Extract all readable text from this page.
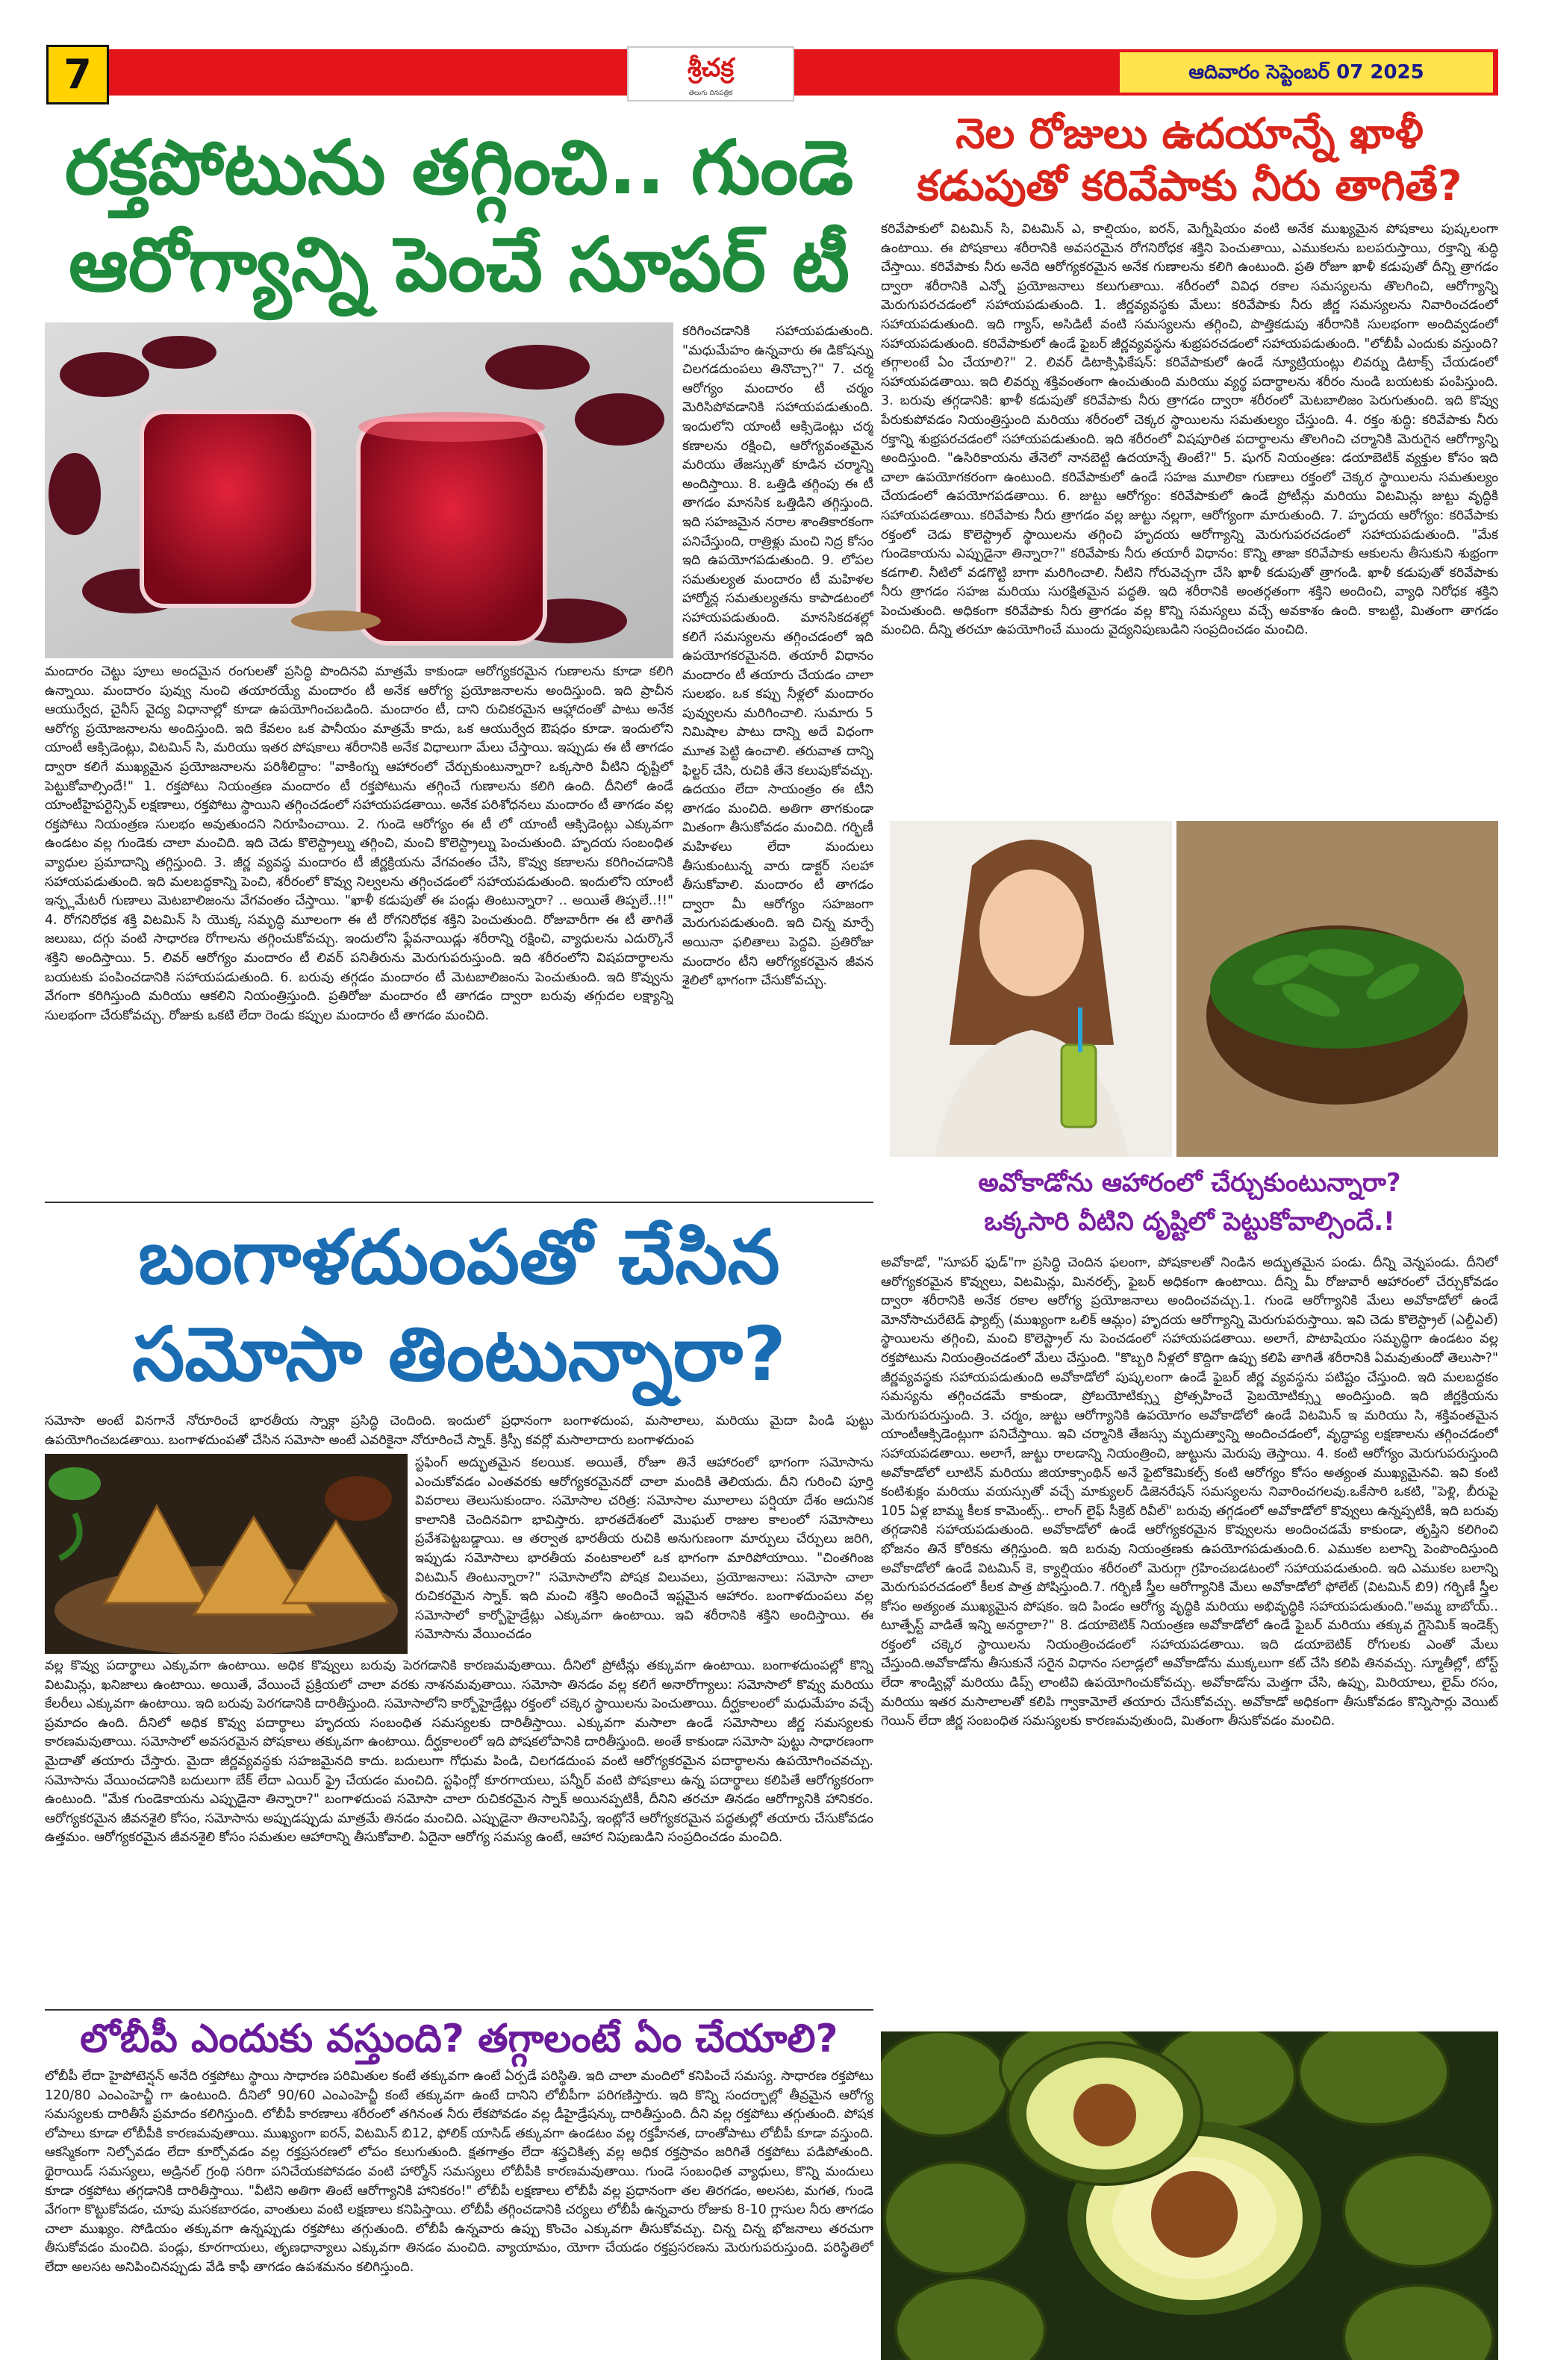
7	శ్రీచక్ర
తెలుగు దినపత్రిక
ఆదివారం సెప్టెంబర్ 07 2025
రక్తపోటును తగ్గించి.. గుండె
ఆరోగ్యాన్ని పెంచే సూపర్ టీ
కరిగించడానికి సహాయపడుతుంది. "మధుమేహం ఉన్నవారు ఈ డికోషన్ను చిలగడదుంపలు తినొచ్చా?" 7. చర్మ ఆరోగ్యం మందారం టీ చర్మం మెరిసిపోవడానికి సహాయపడుతుంది. ఇందులోని యాంటీ ఆక్సిడెంట్లు చర్మ కణాలను రక్షించి, ఆరోగ్యవంతమైన మరియు తేజస్సుతో కూడిన చర్మాన్ని అందిస్తాయి. 8. ఒత్తిడి తగ్గింపు ఈ టీ తాగడం మానసిక ఒత్తిడిని తగ్గిస్తుంది. ఇది సహజమైన నరాల శాంతికారకంగా పనిచేస్తుంది, రాత్రిళ్లు మంచి నిద్ర కోసం ఇది ఉపయోగపడుతుంది. 9. లోపల సమతుల్యత మందారం టీ మహిళల హార్మోన్ల సమతుల్యతను కాపాడటంలో సహాయపడుతుంది. మానసికదశల్లో కలిగే సమస్యలను తగ్గించడంలో ఇది ఉపయోగకరమైనది. తయారీ విధానం మందారం టీ తయారు చేయడం చాలా సులభం. ఒక కప్పు నీళ్లలో మందారం పువ్వులను మరిగించాలి. సుమారు 5 నిమిషాల పాటు దాన్ని అదే విధంగా మూత పెట్టి ఉంచాలి. తరువాత దాన్ని ఫిల్టర్ చేసి, రుచికి తేనె కలుపుకోవచ్చు. ఉదయం లేదా సాయంత్రం ఈ టీని తాగడం మంచిది. అతిగా తాగకుండా మితంగా తీసుకోవడం మంచిది. గర్భిణీ మహిళలు లేదా మందులు తీసుకుంటున్న వారు డాక్టర్ సలహా తీసుకోవాలి. మందారం టీ తాగడం ద్వారా మీ ఆరోగ్యం సహజంగా మెరుగుపడుతుంది. ఇది చిన్న మార్పే అయినా ఫలితాలు పెద్దవి. ప్రతిరోజు మందారం టీని ఆరోగ్యకరమైన జీవన శైలిలో భాగంగా చేసుకోవచ్చు.
మందారం చెట్టు పూలు అందమైన రంగులతో ప్రసిద్ధి పొందినవి మాత్రమే కాకుండా ఆరోగ్యకరమైన గుణాలను కూడా కలిగి ఉన్నాయి. మందారం పువ్వు నుంచి తయారయ్యే మందారం టీ అనేక ఆరోగ్య ప్రయోజనాలను అందిస్తుంది. ఇది ప్రాచీన ఆయుర్వేద, చైనీస్ వైద్య విధానాల్లో కూడా ఉపయోగించబడింది. మందారం టీ, దాని రుచికరమైన ఆహ్లాదంతో పాటు అనేక ఆరోగ్య ప్రయోజనాలను అందిస్తుంది. ఇది కేవలం ఒక పానీయం మాత్రమే కాదు, ఒక ఆయుర్వేద ఔషధం కూడా. ఇందులోని యాంటీ ఆక్సిడెంట్లు, విటమిన్ సి, మరియు ఇతర పోషకాలు శరీరానికి అనేక విధాలుగా మేలు చేస్తాయి. ఇప్పుడు ఈ టీ తాగడం ద్వారా కలిగే ముఖ్యమైన ప్రయోజనాలను పరిశీలిద్దాం: "వాకింగ్ను ఆహారంలో చేర్చుకుంటున్నారా? ఒక్కసారి వీటిని దృష్టిలో పెట్టుకోవాల్సిందే!" 1. రక్తపోటు నియంత్రణ మందారం టీ రక్తపోటును తగ్గించే గుణాలను కలిగి ఉంది. దీనిలో ఉండే యాంటీహైపర్టెన్సివ్ లక్షణాలు, రక్తపోటు స్థాయిని తగ్గించడంలో సహాయపడతాయి. అనేక పరిశోధనలు మందారం టీ తాగడం వల్ల రక్తపోటు నియంత్రణ సులభం అవుతుందని నిరూపించాయి. 2. గుండె ఆరోగ్యం ఈ టీ లో యాంటీ ఆక్సిడెంట్లు ఎక్కువగా ఉండటం వల్ల గుండెకు చాలా మంచిది. ఇది చెడు కొలెస్ట్రాల్ను తగ్గించి, మంచి కొలెస్ట్రాల్ను పెంచుతుంది. హృదయ సంబంధిత వ్యాధుల ప్రమాదాన్ని తగ్గిస్తుంది. 3. జీర్ణ వ్యవస్థ మందారం టీ జీర్ణక్రియను వేగవంతం చేసి, కొవ్వు కణాలను కరిగించడానికి సహాయపడుతుంది. ఇది మలబద్ధకాన్ని పెంచి, శరీరంలో కొవ్వు నిల్వలను తగ్గించడంలో సహాయపడుతుంది. ఇందులోని యాంటీ ఇన్ఫ్లమేటరీ గుణాలు మెటబాలిజంను వేగవంతం చేస్తాయి. "ఖాళీ కడుపుతో ఈ పండ్లు తింటున్నారా? .. అయితే తిప్పలే..!!" 4. రోగనిరోధక శక్తి విటమిన్ సి యొక్క సమృద్ధి మూలంగా ఈ టీ రోగనిరోధక శక్తిని పెంచుతుంది. రోజువారీగా ఈ టీ తాగితే జలుబు, దగ్గు వంటి సాధారణ రోగాలను తగ్గించుకోవచ్చు. ఇందులోని ఫ్లేవనాయిడ్లు శరీరాన్ని రక్షించి, వ్యాధులను ఎదుర్కొనే శక్తిని అందిస్తాయి. 5. లివర్ ఆరోగ్యం మందారం టీ లివర్ పనితీరును మెరుగుపరుస్తుంది. ఇది శరీరంలోని విషపదార్థాలను బయటకు పంపించడానికి సహాయపడుతుంది. 6. బరువు తగ్గడం మందారం టీ మెటబాలిజంను పెంచుతుంది. ఇది కొవ్వును వేగంగా కరిగిస్తుంది మరియు ఆకలిని నియంత్రిస్తుంది. ప్రతిరోజు మందారం టీ తాగడం ద్వారా బరువు తగ్గుదల లక్ష్యాన్ని సులభంగా చేరుకోవచ్చు. రోజుకు ఒకటి లేదా రెండు కప్పుల మందారం టీ తాగడం మంచిది.
బంగాళదుంపతో చేసిన
సమోసా తింటున్నారా?
సమోసా అంటే వినగానే నోరూరించే భారతీయ స్నాక్గా ప్రసిద్ధి చెందింది. ఇందులో ప్రధానంగా బంగాళదుంప, మసాలాలు, మరియు మైదా పిండి పుట్టు ఉపయోగించబడతాయి. బంగాళదుంపతో చేసిన సమోసా అంటే ఎవరికైనా నోరూరించే స్నాక్. క్రిస్పీ కవర్లో మసాలాదారు బంగాళదుంప
స్టఫింగ్ అద్భుతమైన కలయిక. అయితే, రోజూ తినే ఆహారంలో భాగంగా సమోసాను ఎంచుకోవడం ఎంతవరకు ఆరోగ్యకరమైనదో చాలా మందికి తెలియదు. దీని గురించి పూర్తి వివరాలు తెలుసుకుందాం. సమోసాల చరిత్ర: సమోసాల మూలాలు పర్షియా దేశం ఆదునిక కాలానికి చెందినవిగా భావిస్తారు. భారతదేశంలో మొఘల్ రాజుల కాలంలో సమోసాలు ప్రవేశపెట్టబడ్డాయి. ఆ తర్వాత భారతీయ రుచికి అనుగుణంగా మార్పులు చేర్పులు జరిగి, ఇప్పుడు సమోసాలు భారతీయ వంటకాలలో ఒక భాగంగా మారిపోయాయి. "చింతగింజ విటమిన్ తింటున్నారా?" సమోసాలోని పోషక విలువలు, ప్రయోజనాలు: సమోసా చాలా రుచికరమైన స్నాక్. ఇది మంచి శక్తిని అందించే ఇష్టమైన ఆహారం. బంగాళదుంపలు వల్ల సమోసాలో కార్బోహైడ్రేట్లు ఎక్కువగా ఉంటాయి. ఇవి శరీరానికి శక్తిని అందిస్తాయి. ఈ సమోసాను వేయించడం
వల్ల కొవ్వు పదార్థాలు ఎక్కువగా ఉంటాయి. అధిక కొవ్వులు బరువు పెరగడానికి కారణమవుతాయి. దీనిలో ప్రోటీన్లు తక్కువగా ఉంటాయి. బంగాళదుంపల్లో కొన్ని విటమిన్లు, ఖనిజాలు ఉంటాయి. అయితే, వేయించే ప్రక్రియలో చాలా వరకు నాశనమవుతాయి. సమోసా తినడం వల్ల కలిగే అనారోగ్యాలు: సమోసాలో కొవ్వు మరియు కేలరీలు ఎక్కువగా ఉంటాయి. ఇది బరువు పెరగడానికి దారితీస్తుంది. సమోసాలోని కార్బోహైడ్రేట్లు రక్తంలో చక్కెర స్థాయిలను పెంచుతాయి. దీర్ఘకాలంలో మధుమేహం వచ్చే ప్రమాదం ఉంది. దీనిలో అధిక కొవ్వు పదార్థాలు హృదయ సంబంధిత సమస్యలకు దారితీస్తాయి. ఎక్కువగా మసాలా ఉండే సమోసాలు జీర్ణ సమస్యలకు కారణమవుతాయి. సమోసాలో అవసరమైన పోషకాలు తక్కువగా ఉంటాయి. దీర్ఘకాలంలో ఇది పోషకలోపానికి దారితీస్తుంది. అంతే కాకుండా సమోసా పుట్టు సాధారణంగా మైదాతో తయారు చేస్తారు. మైదా జీర్ణవ్యవస్థకు సహజమైనది కాదు. బదులుగా గోధుమ పిండి, చిలగడదుంప వంటి ఆరోగ్యకరమైన పదార్థాలను ఉపయోగించవచ్చు. సమోసాను వేయించడానికి బదులుగా బేక్ లేదా ఎయిర్ ఫ్రై చేయడం మంచిది. స్టఫింగ్లో కూరగాయలు, పన్నీర్ వంటి పోషకాలు ఉన్న పదార్థాలు కలిపితే ఆరోగ్యకరంగా ఉంటుంది. "మేక గుండెకాయను ఎప్పుడైనా తిన్నారా?" బంగాళదుంప సమోసా చాలా రుచికరమైన స్నాక్ అయినప్పటికీ, దీనిని తరచూ తినడం ఆరోగ్యానికి హానికరం. ఆరోగ్యకరమైన జీవనశైలి కోసం, సమోసాను అప్పుడప్పుడు మాత్రమే తినడం మంచిది. ఎప్పుడైనా తినాలనిపిస్తే, ఇంట్లోనే ఆరోగ్యకరమైన పద్ధతుల్లో తయారు చేసుకోవడం ఉత్తమం. ఆరోగ్యకరమైన జీవనశైలి కోసం సమతుల ఆహారాన్ని తీసుకోవాలి. ఏదైనా ఆరోగ్య సమస్య ఉంటే, ఆహార నిపుణుడిని సంప్రదించడం మంచిది.
లోబీపీ ఎందుకు వస్తుంది? తగ్గాలంటే ఏం చేయాలి?
లోబీపీ లేదా హైపోటెన్షన్ అనేది రక్తపోటు స్థాయి సాధారణ పరిమితుల కంటే తక్కువగా ఉంటే ఏర్పడే పరిస్థితి. ఇది చాలా మందిలో కనిపించే సమస్య. సాధారణ రక్తపోటు 120/80 ఎంఎంహెచ్జీ గా ఉంటుంది. దీనిలో 90/60 ఎంఎంహెచ్జీ కంటే తక్కువగా ఉంటే దానిని లోబీపీగా పరిగణిస్తారు. ఇది కొన్ని సందర్భాల్లో తీవ్రమైన ఆరోగ్య సమస్యలకు దారితీసే ప్రమాదం కలిగిస్తుంది. లోబీపీ కారణాలు శరీరంలో తగినంత నీరు లేకపోవడం వల్ల డీహైడ్రేషన్కు దారితీస్తుంది. దీని వల్ల రక్తపోటు తగ్గుతుంది. పోషక లోపాలు కూడా లోబీపీకి కారణమవుతాయి. ముఖ్యంగా ఐరన్, విటమిన్ బి12, ఫోలిక్ యాసిడ్ తక్కువగా ఉండటం వల్ల రక్తహీనత, దాంతోపాటు లోబీపీ కూడా వస్తుంది. ఆకస్మికంగా నిల్చోవడం లేదా కూర్చోవడం వల్ల రక్తప్రసరణలో లోపం కలుగుతుంది. క్షతగాత్రం లేదా శస్త్రచికిత్స వల్ల అధిక రక్తస్రావం జరిగితే రక్తపోటు పడిపోతుంది. థైరాయిడ్ సమస్యలు, అడ్రినల్ గ్రంథి సరిగా పనిచేయకపోవడం వంటి హార్మోన్ సమస్యలు లోబీపీకి కారణమవుతాయి. గుండె సంబంధిత వ్యాధులు, కొన్ని మందులు కూడా రక్తపోటు తగ్గడానికి దారితీస్తాయి. "వీటిని అతిగా తింటే ఆరోగ్యానికి హానికరం!" లోబీపీ లక్షణాలు లోబీపీ వల్ల ప్రధానంగా తల తిరగడం, అలసట, మగత, గుండె వేగంగా కొట్టుకోవడం, చూపు మసకబారడం, వాంతులు వంటి లక్షణాలు కనిపిస్తాయి. లోబీపీ తగ్గించడానికి చర్యలు లోబీపీ ఉన్నవారు రోజుకు 8-10 గ్లాసుల నీరు తాగడం చాలా ముఖ్యం. సోడియం తక్కువగా ఉన్నప్పుడు రక్తపోటు తగ్గుతుంది. లోబీపీ ఉన్నవారు ఉప్పు కొంచెం ఎక్కువగా తీసుకోవచ్చు. చిన్న చిన్న భోజనాలు తరచుగా తీసుకోవడం మంచిది. పండ్లు, కూరగాయలు, తృణధాన్యాలు ఎక్కువగా తినడం మంచిది. వ్యాయామం, యోగా చేయడం రక్తప్రసరణను మెరుగుపరుస్తుంది. పరిస్థితిలో లేదా అలసట అనిపించినప్పుడు వేడి కాఫీ తాగడం ఉపశమనం కలిగిస్తుంది.
నెల రోజులు ఉదయాన్నే ఖాళీ
కడుపుతో కరివేపాకు నీరు తాగితే?
కరివేపాకులో విటమిన్ సి, విటమిన్ ఎ, కాల్షియం, ఐరన్, మెగ్నీషియం వంటి అనేక ముఖ్యమైన పోషకాలు పుష్కలంగా ఉంటాయి. ఈ పోషకాలు శరీరానికి అవసరమైన రోగనిరోధక శక్తిని పెంచుతాయి, ఎముకలను బలపరుస్తాయి, రక్తాన్ని శుద్ధి చేస్తాయి. కరివేపాకు నీరు అనేది ఆరోగ్యకరమైన అనేక గుణాలను కలిగి ఉంటుంది. ప్రతి రోజూ ఖాళీ కడుపుతో దీన్ని త్రాగడం ద్వారా శరీరానికి ఎన్నో ప్రయోజనాలు కలుగుతాయి. శరీరంలో వివిధ రకాల సమస్యలను తొలగించి, ఆరోగ్యాన్ని మెరుగుపరచడంలో సహాయపడుతుంది. 1. జీర్ణవ్యవస్థకు మేలు: కరివేపాకు నీరు జీర్ణ సమస్యలను నివారించడంలో సహాయపడుతుంది. ఇది గ్యాస్, అసిడిటీ వంటి సమస్యలను తగ్గించి, పొత్తికడుపు శరీరానికి సులభంగా అందివ్వడంలో సహాయపడుతుంది. కరివేపాకులో ఉండే ఫైబర్ జీర్ణవ్యవస్థను శుభ్రపరచడంలో సహాయపడుతుంది. "లోబీపీ ఎందుకు వస్తుంది? తగ్గాలంటే ఏం చేయాలి?" 2. లివర్ డిటాక్సిఫికేషన్: కరివేపాకులో ఉండే న్యూట్రియంట్లు లివర్ను డిటాక్స్ చేయడంలో సహాయపడతాయి. ఇది లివర్ను శక్తివంతంగా ఉంచుతుంది మరియు వ్యర్థ పదార్థాలను శరీరం నుండి బయటకు పంపిస్తుంది. 3. బరువు తగ్గడానికి: ఖాళీ కడుపుతో కరివేపాకు నీరు త్రాగడం ద్వారా శరీరంలో మెటబాలిజం పెరుగుతుంది. ఇది కొవ్వు పేరుకుపోవడం నియంత్రిస్తుంది మరియు శరీరంలో చెక్కర స్థాయిలను సమతుల్యం చేస్తుంది. 4. రక్తం శుద్ధి: కరివేపాకు నీరు రక్తాన్ని శుభ్రపరచడంలో సహాయపడుతుంది. ఇది శరీరంలో విషపూరిత పదార్థాలను తొలగించి చర్మానికి మెరుగైన ఆరోగ్యాన్ని అందిస్తుంది. "ఉసిరికాయను తేనెలో నానబెట్టి ఉదయాన్నే తింటే?" 5. షుగర్ నియంత్రణ: డయాబెటిక్ వ్యక్తుల కోసం ఇది చాలా ఉపయోగకరంగా ఉంటుంది. కరివేపాకులో ఉండే సహజ మూలికా గుణాలు రక్తంలో చెక్కర స్థాయిలను సమతుల్యం చేయడంలో ఉపయోగపడతాయి. 6. జుట్టు ఆరోగ్యం: కరివేపాకులో ఉండే ప్రోటీన్లు మరియు విటమిన్లు జుట్టు వృద్ధికి సహాయపడతాయి. కరివేపాకు నీరు త్రాగడం వల్ల జుట్టు నల్లగా, ఆరోగ్యంగా మారుతుంది. 7. హృదయ ఆరోగ్యం: కరివేపాకు రక్తంలో చెడు కొలెస్ట్రాల్ స్థాయిలను తగ్గించి హృదయ ఆరోగ్యాన్ని మెరుగుపరచడంలో సహాయపడుతుంది. "మేక గుండెకాయను ఎప్పుడైనా తిన్నారా?" కరివేపాకు నీరు తయారీ విధానం: కొన్ని తాజా కరివేపాకు ఆకులను తీసుకుని శుభ్రంగా కడగాలి. నీటిలో వడగొట్టి బాగా మరిగించాలి. నీటిని గోరువెచ్చగా చేసి ఖాళీ కడుపుతో త్రాగండి. ఖాళీ కడుపుతో కరివేపాకు నీరు త్రాగడం సహజ మరియు సురక్షితమైన పద్ధతి. ఇది శరీరానికి అంతర్గతంగా శక్తిని అందించి, వ్యాధి నిరోధక శక్తిని పెంచుతుంది. అధికంగా కరివేపాకు నీరు త్రాగడం వల్ల కొన్ని సమస్యలు వచ్చే అవకాశం ఉంది. కాబట్టి, మితంగా తాగడం మంచిది. దీన్ని తరచూ ఉపయోగించే ముందు వైద్యనిపుణుడిని సంప్రదించడం మంచిది.
అవోకాడోను ఆహారంలో చేర్చుకుంటున్నారా?
ఒక్కసారి వీటిని దృష్టిలో పెట్టుకోవాల్సిందే.!
అవోకాడో, "సూపర్ ఫుడ్"గా ప్రసిద్ధి చెందిన ఫలంగా, పోషకాలతో నిండిన అద్భుతమైన పండు. దీన్ని వెన్నపండు. దీనిలో ఆరోగ్యకరమైన కొవ్వులు, విటమిన్లు, మినరల్స్, ఫైబర్ అధికంగా ఉంటాయి. దీన్ని మీ రోజువారీ ఆహారంలో చేర్చుకోవడం ద్వారా శరీరానికి అనేక రకాల ఆరోగ్య ప్రయోజనాలు అందించవచ్చు.1. గుండె ఆరోగ్యానికి మేలు అవోకాడోలో ఉండే మోనోసాచురేటెడ్ ఫ్యాట్స్ (ముఖ్యంగా ఒలిక్ ఆమ్లం) హృదయ ఆరోగ్యాన్ని మెరుగుపరుస్తాయి. ఇవి చెడు కొలెస్ట్రాల్ (ఎల్డీఎల్) స్థాయిలను తగ్గించి, మంచి కొలెస్ట్రాల్ ను పెంచడంలో సహాయపడతాయి. అలాగే, పొటాషియం సమృద్ధిగా ఉండటం వల్ల రక్తపోటును నియంత్రించడంలో మేలు చేస్తుంది. "కొబ్బరి నీళ్లలో కొద్దిగా ఉప్పు కలిపి తాగితే శరీరానికి ఏమవుతుందో తెలుసా?" జీర్ణవ్యవస్థకు సహాయపడుతుంది అవోకాడోలో పుష్కలంగా ఉండే ఫైబర్ జీర్ణ వ్యవస్థను పటిష్టం చేస్తుంది. ఇది మలబద్ధకం సమస్యను తగ్గించడమే కాకుండా, ప్రోబయోటిక్స్ను ప్రోత్సహించే ప్రెబయోటిక్స్ను అందిస్తుంది. ఇది జీర్ణక్రియను మెరుగుపరుస్తుంది. 3. చర్మం, జుట్టు ఆరోగ్యానికి ఉపయోగం అవోకాడోలో ఉండే విటమిన్ ఇ మరియు సి, శక్తివంతమైన యాంటీఆక్సిడెంట్లుగా పనిచేస్తాయి. ఇవి చర్మానికి తేజస్సు మృదుత్వాన్ని అందించడంలో, వృద్ధాప్య లక్షణాలను తగ్గించడంలో సహాయపడతాయి. అలాగే, జుట్టు రాలడాన్ని నియంత్రించి, జుట్టును మెరుపు తెస్తాయి. 4. కంటి ఆరోగ్యం మెరుగుపరుస్తుంది అవోకాడోలో లూటిన్ మరియు జియాక్సాంథిన్ అనే ఫైటోకెమికల్స్ కంటి ఆరోగ్యం కోసం అత్యంత ముఖ్యమైనవి. ఇవి కంటి కంటిశుక్లం మరియు వయస్సుతో వచ్చే మాక్యులర్ డిజెనరేషన్ సమస్యలను నివారించగలవు.ఒకేసారి ఒకటి, "పెళ్లి, బీరుపై 105 ఏళ్ల బామ్మ కీలక కామెంట్స్.. లాంగ్ లైఫ్ సీక్రెట్ రివీల్" బరువు తగ్గడంలో అవోకాడోలో కొవ్వులు ఉన్నప్పటికీ, ఇది బరువు తగ్గడానికి సహాయపడుతుంది. అవోకాడోలో ఉండే ఆరోగ్యకరమైన కొవ్వులను అందించడమే కాకుండా, తృప్తిని కలిగించి భోజనం తినే కోరికను తగ్గిస్తుంది. ఇది బరువు నియంత్రణకు ఉపయోగపడుతుంది.6. ఎముకల బలాన్ని పెంపొందిస్తుంది అవోకాడోలో ఉండే విటమిన్ కె, క్యాల్షియం శరీరంలో మెరుగ్గా గ్రహించబడటంలో సహాయపడుతుంది. ఇది ఎముకల బలాన్ని మెరుగుపరచడంలో కీలక పాత్ర పోషిస్తుంది.7. గర్భిణీ స్త్రీల ఆరోగ్యానికి మేలు అవోకాడోలో ఫోలేట్ (విటమిన్ బి9) గర్భిణీ స్త్రీల కోసం అత్యంత ముఖ్యమైన పోషకం. ఇది పిండం ఆరోగ్య వృద్ధికి మరియు అభివృద్ధికి సహాయపడుతుంది."అమ్మ బాబోయ్.. టూత్పేస్ట్ వాడితే ఇన్ని అనర్థాలా?" 8. డయాబెటిక్ నియంత్రణ అవోకాడోలో ఉండే ఫైబర్ మరియు తక్కువ గ్లైసెమిక్ ఇండెక్స్ రక్తంలో చక్కెర స్థాయిలను నియంత్రించడంలో సహాయపడతాయి. ఇది డయాబెటిక్ రోగులకు ఎంతో మేలు చేస్తుంది.అవోకాడోను తీసుకునే సరైన విధానం సలాడ్లలో అవోకాడోను ముక్కలుగా కట్ చేసి కలిపి తినవచ్చు. స్మూతీల్లో, టోస్ట్ లేదా శాండ్విచ్లో మరియు డిప్స్ లాంటివి ఉపయోగించుకోవచ్చు. అవోకాడోను మెత్తగా చేసి, ఉప్పు, మిరియాలు, లైమ్ రసం, మరియు ఇతర మసాలాలతో కలిపి గ్వాకామోలే తయారు చేసుకోవచ్చు. అవోకాడో అధికంగా తీసుకోవడం కొన్నిసార్లు వెయిట్ గెయిన్ లేదా జీర్ణ సంబంధిత సమస్యలకు కారణమవుతుంది, మితంగా తీసుకోవడం మంచిది.
